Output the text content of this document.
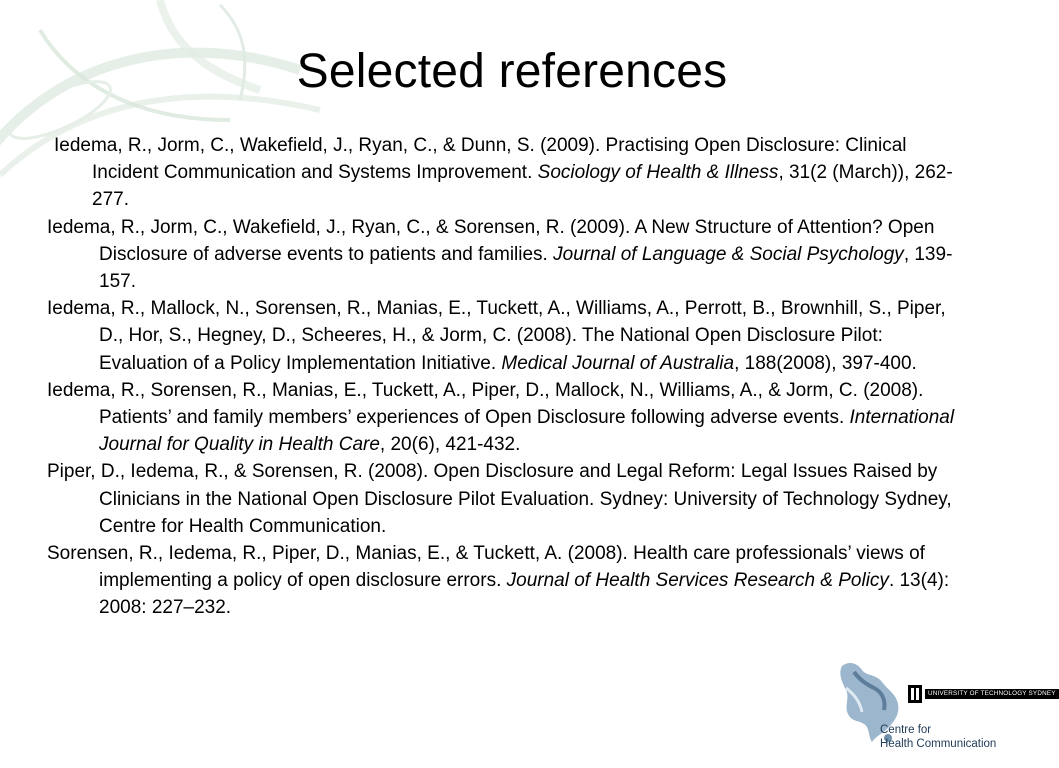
Selected references
Iedema, R., Jorm, C., Wakefield, J., Ryan, C., & Dunn, S. (2009). Practising Open Disclosure: Clinical Incident Communication and Systems Improvement. Sociology of Health & Illness, 31(2 (March)), 262-277.
Iedema, R., Jorm, C., Wakefield, J., Ryan, C., & Sorensen, R. (2009). A New Structure of Attention? Open Disclosure of adverse events to patients and families. Journal of Language & Social Psychology, 139-157.
Iedema, R., Mallock, N., Sorensen, R., Manias, E., Tuckett, A., Williams, A., Perrott, B., Brownhill, S., Piper, D., Hor, S., Hegney, D., Scheeres, H., & Jorm, C. (2008). The National Open Disclosure Pilot: Evaluation of a Policy Implementation Initiative. Medical Journal of Australia, 188(2008), 397-400.
Iedema, R., Sorensen, R., Manias, E., Tuckett, A., Piper, D., Mallock, N., Williams, A., & Jorm, C. (2008). Patients’ and family members’ experiences of Open Disclosure following adverse events. International Journal for Quality in Health Care, 20(6), 421-432.
Piper, D., Iedema, R., & Sorensen, R. (2008). Open Disclosure and Legal Reform: Legal Issues Raised by Clinicians in the National Open Disclosure Pilot Evaluation. Sydney: University of Technology Sydney, Centre for Health Communication.
Sorensen, R., Iedema, R., Piper, D., Manias, E., & Tuckett, A. (2008). Health care professionals’ views of implementing a policy of open disclosure errors. Journal of Health Services Research & Policy. 13(4): 2008: 227–232.
UNIVERSITY OF TECHNOLOGY SYDNEY
Centre for
Health Communication
